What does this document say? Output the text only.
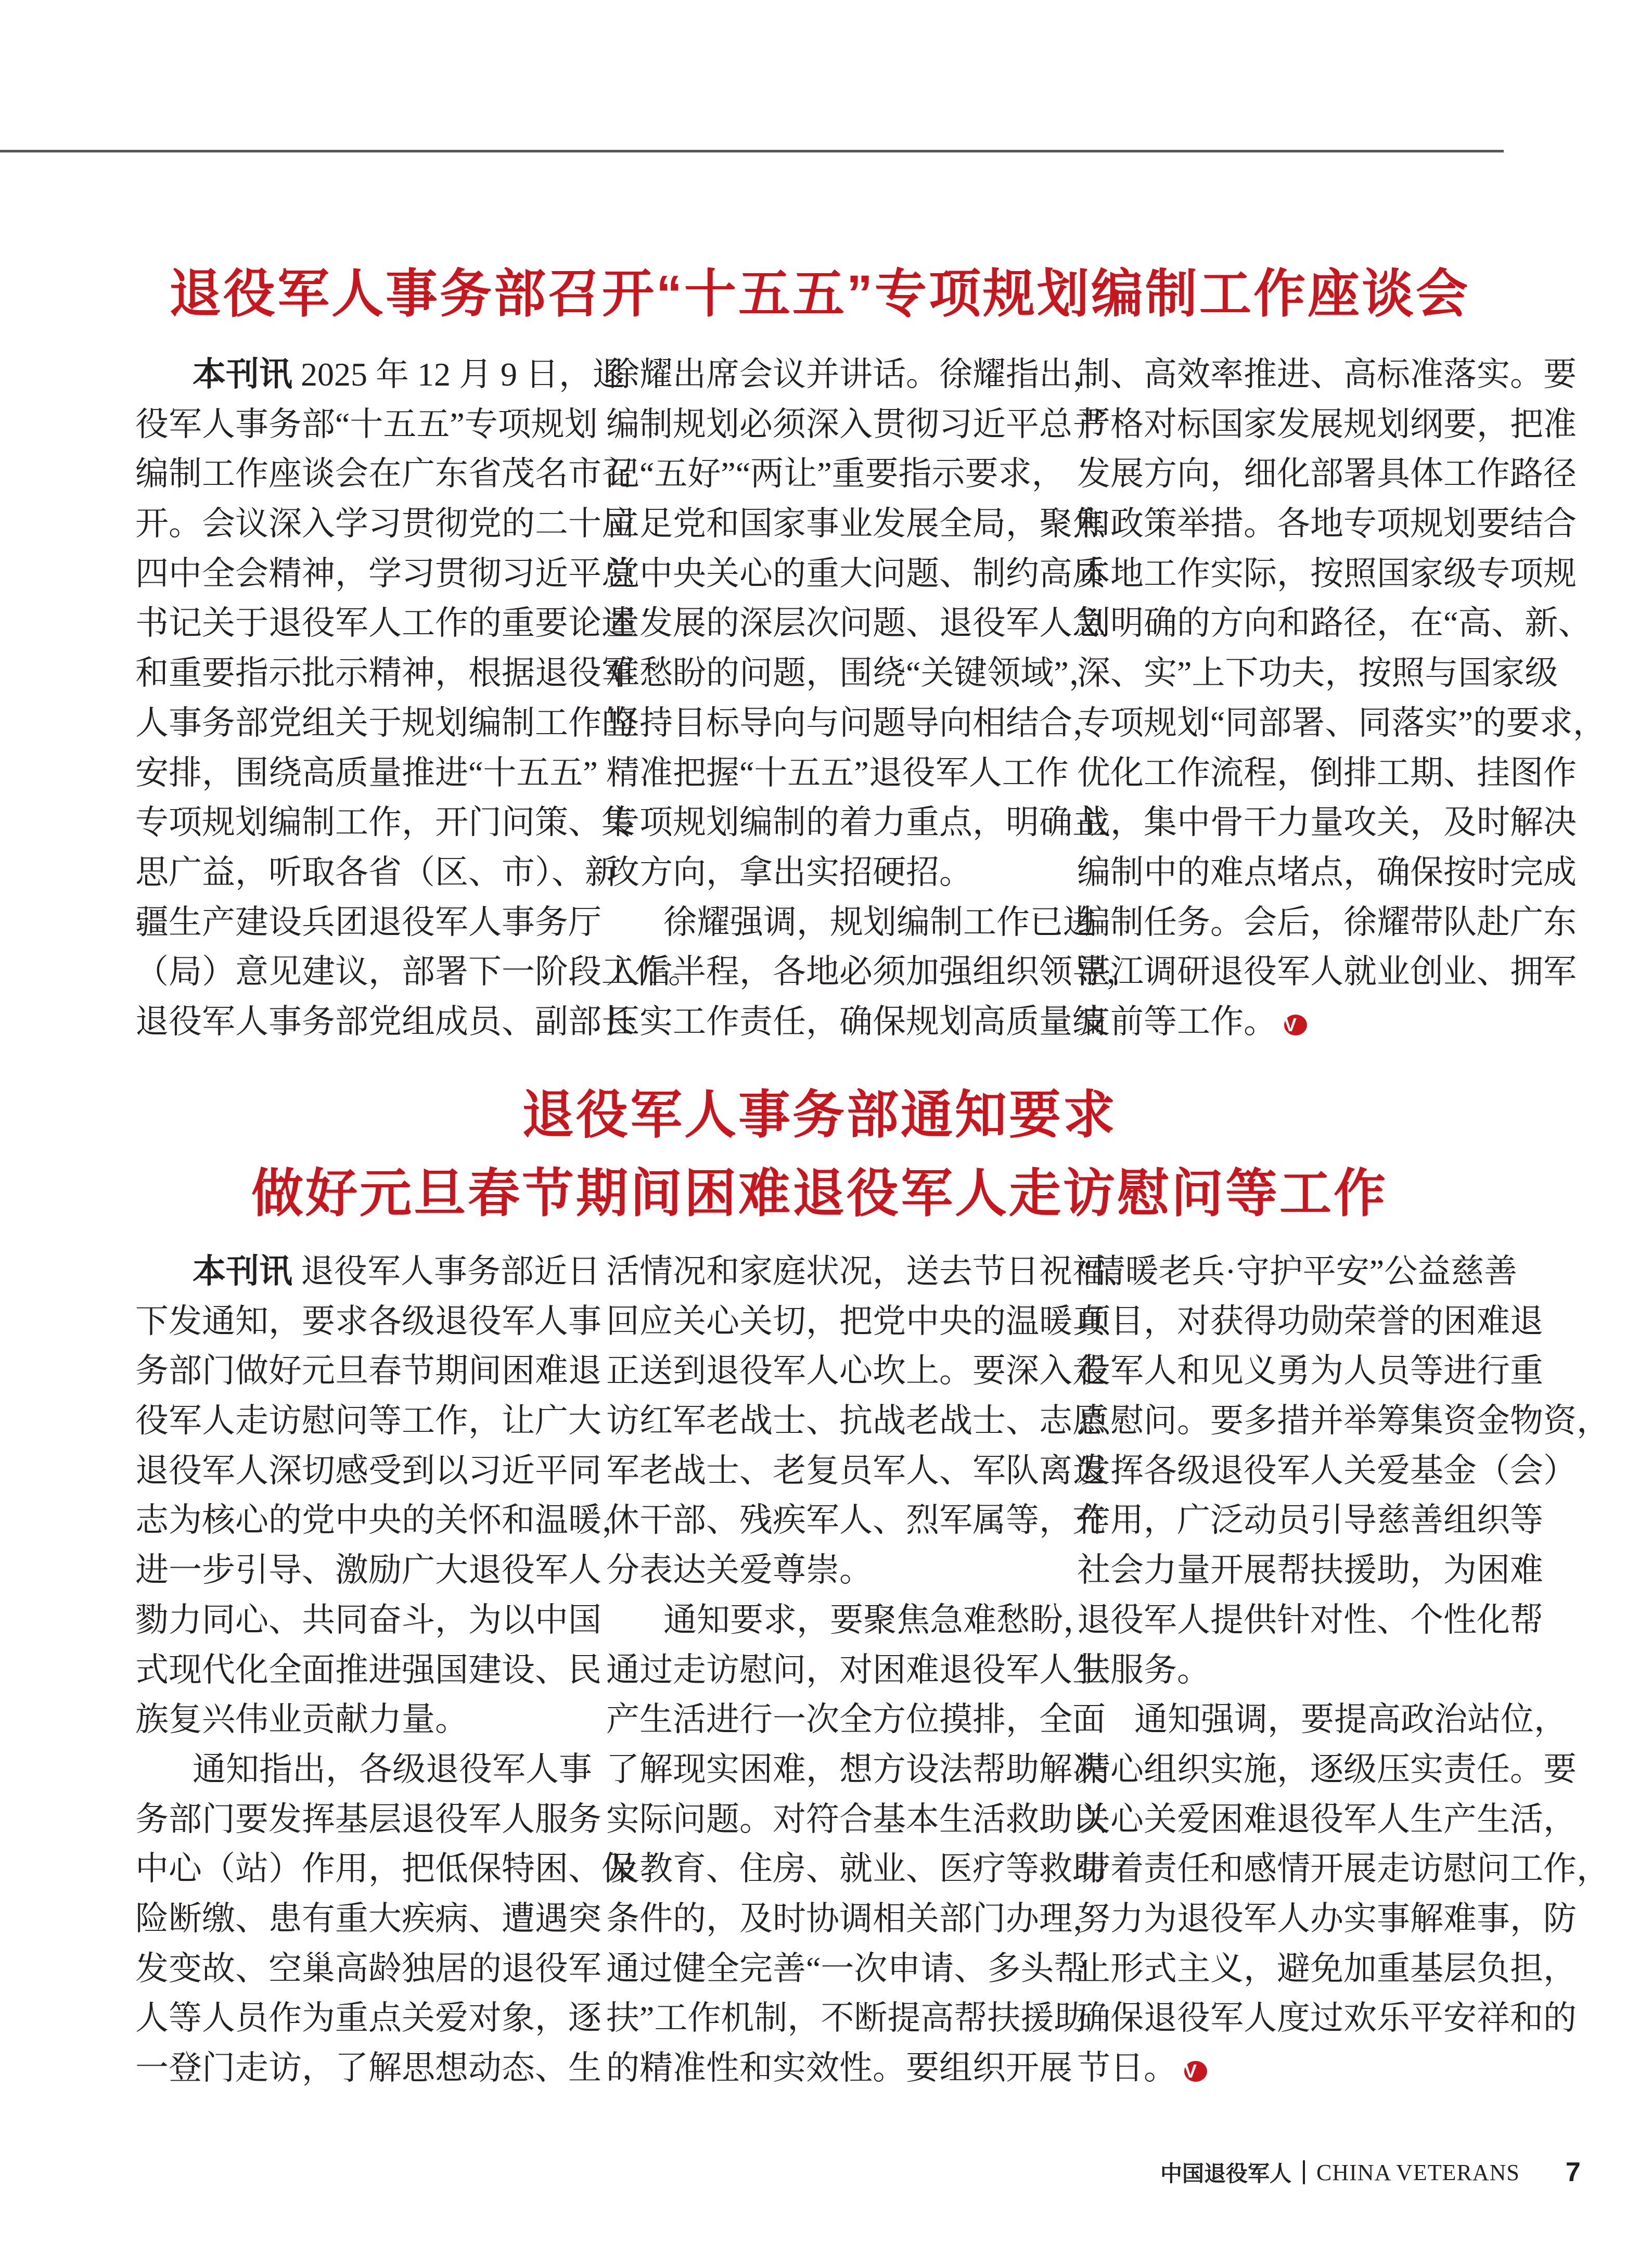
退役军人事务部召开“十五五”专项规划编制工作座谈会
本刊讯 2025 年 12 月 9 日，退
役军人事务部“十五五”专项规划
编制工作座谈会在广东省茂名市召
开。会议深入学习贯彻党的二十届
四中全会精神，学习贯彻习近平总
书记关于退役军人工作的重要论述
和重要指示批示精神，根据退役军
人事务部党组关于规划编制工作的
安排，围绕高质量推进“十五五”
专项规划编制工作，开门问策、集
思广益，听取各省（区、市）、新
疆生产建设兵团退役军人事务厅
（局）意见建议，部署下一阶段工作。
退役军人事务部党组成员、副部长
徐耀出席会议并讲话。徐耀指出，
编制规划必须深入贯彻习近平总书
记“五好”“两让”重要指示要求，
立足党和国家事业发展全局，聚焦
党中央关心的重大问题、制约高质
量发展的深层次问题、退役军人急
难愁盼的问题，围绕“关键领域”，
坚持目标导向与问题导向相结合，
精准把握“十五五”退役军人工作
专项规划编制的着力重点，明确主
攻方向，拿出实招硬招。
徐耀强调，规划编制工作已进
入后半程，各地必须加强组织领导，
压实工作责任，确保规划高质量编
制、高效率推进、高标准落实。要
严格对标国家发展规划纲要，把准
发展方向，细化部署具体工作路径
和政策举措。各地专项规划要结合
本地工作实际，按照国家级专项规
划明确的方向和路径，在“高、新、
深、实”上下功夫，按照与国家级
专项规划“同部署、同落实”的要求，
优化工作流程，倒排工期、挂图作
战，集中骨干力量攻关，及时解决
编制中的难点堵点，确保按时完成
编制任务。会后，徐耀带队赴广东
湛江调研退役军人就业创业、拥军
支前等工作。 V
退役军人事务部通知要求
做好元旦春节期间困难退役军人走访慰问等工作
本刊讯 退役军人事务部近日
下发通知，要求各级退役军人事
务部门做好元旦春节期间困难退
役军人走访慰问等工作，让广大
退役军人深切感受到以习近平同
志为核心的党中央的关怀和温暖，
进一步引导、激励广大退役军人
勠力同心、共同奋斗，为以中国
式现代化全面推进强国建设、民
族复兴伟业贡献力量。
通知指出，各级退役军人事
务部门要发挥基层退役军人服务
中心（站）作用，把低保特困、保
险断缴、患有重大疾病、遭遇突
发变故、空巢高龄独居的退役军
人等人员作为重点关爱对象，逐
一登门走访，了解思想动态、生
活情况和家庭状况，送去节日祝福、
回应关心关切，把党中央的温暖真
正送到退役军人心坎上。要深入走
访红军老战士、抗战老战士、志愿
军老战士、老复员军人、军队离退
休干部、残疾军人、烈军属等，充
分表达关爱尊崇。
通知要求，要聚焦急难愁盼，
通过走访慰问，对困难退役军人生
产生活进行一次全方位摸排，全面
了解现实困难，想方设法帮助解决
实际问题。对符合基本生活救助以
及教育、住房、就业、医疗等救助
条件的，及时协调相关部门办理，
通过健全完善“一次申请、多头帮
扶”工作机制，不断提高帮扶援助
的精准性和实效性。要组织开展
“情暖老兵·守护平安”公益慈善
项目，对获得功勋荣誉的困难退
役军人和见义勇为人员等进行重
点慰问。要多措并举筹集资金物资，
发挥各级退役军人关爱基金（会）
作用，广泛动员引导慈善组织等
社会力量开展帮扶援助，为困难
退役军人提供针对性、个性化帮
扶服务。
通知强调，要提高政治站位，
精心组织实施，逐级压实责任。要
关心关爱困难退役军人生产生活，
带着责任和感情开展走访慰问工作，
努力为退役军人办实事解难事，防
止形式主义，避免加重基层负担，
确保退役军人度过欢乐平安祥和的
节日。 V
中国退役军人 CHINA VETERANS 7
